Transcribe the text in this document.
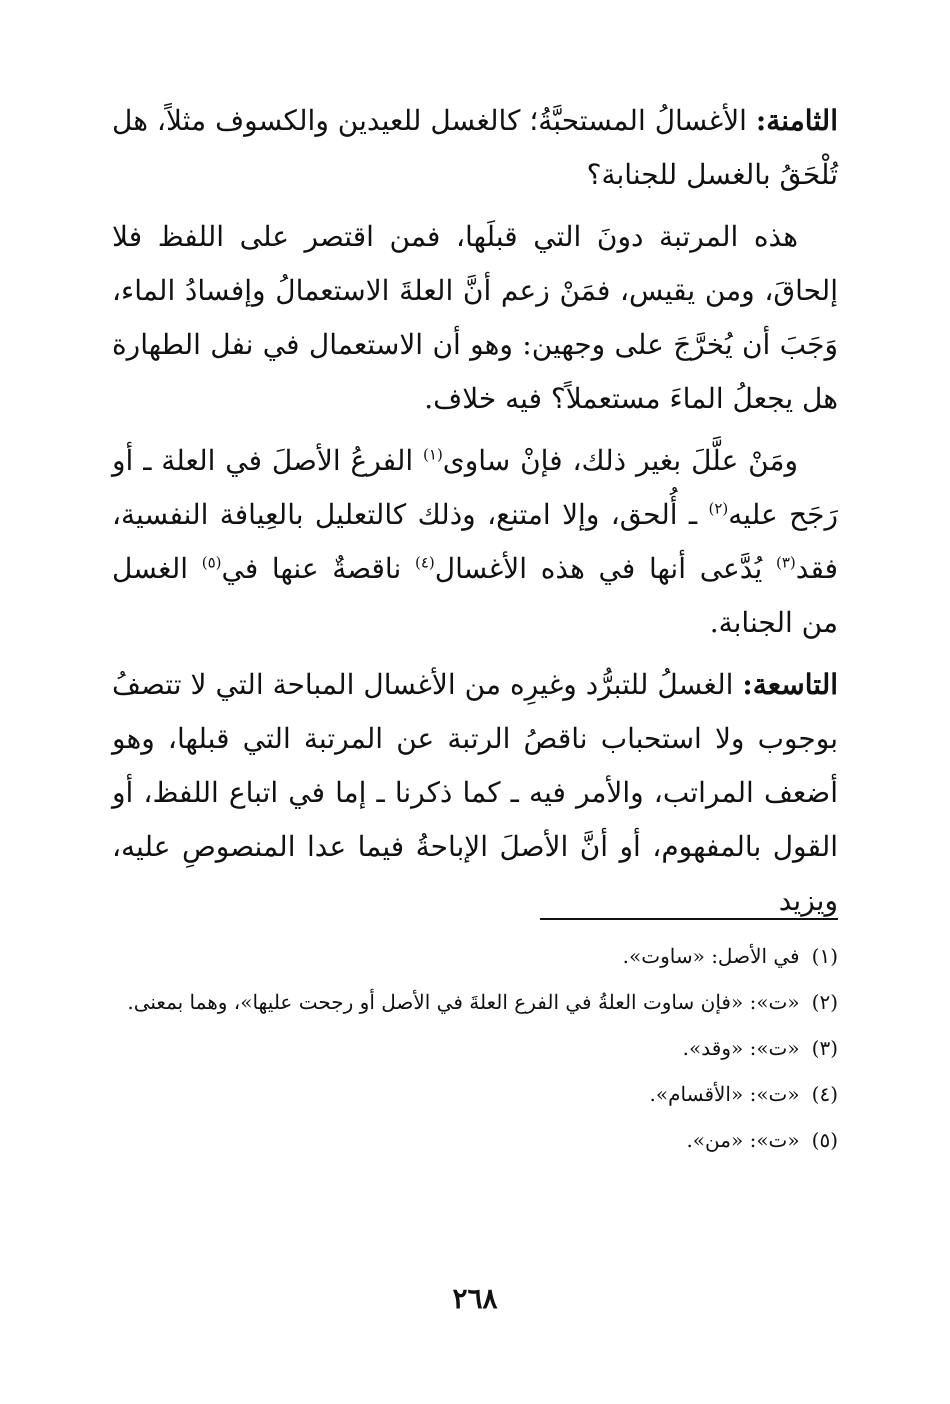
الثامنة: الأغسالُ المستحبَّةُ؛ كالغسل للعيدين والكسوف مثلاً، هل تُلْحَقُ بالغسل للجنابة؟

هذه المرتبة دونَ التي قبلَها، فمن اقتصر على اللفظ فلا إلحاقَ، ومن يقيس، فمَنْ زعم أنَّ العلةَ الاستعمالُ وإفسادُ الماء، وَجَبَ أن يُخرَّجَ على وجهين: وهو أن الاستعمال في نفل الطهارة هل يجعلُ الماءَ مستعملاً؟ فيه خلاف.

ومَنْ علَّلَ بغير ذلك، فإنْ ساوى$^{(١)}$ الفرعُ الأصلَ في العلة ـ أو رَجَح عليه$^{(٢)}$ ـ أُلحق، وإلا امتنع، وذلك كالتعليل بالعِيافة النفسية، فقد$^{(٣)}$ يُدَّعى أنها في هذه الأغسال$^{(٤)}$ ناقصةٌ عنها في$^{(٥)}$ الغسل من الجنابة.

التاسعة: الغسلُ للتبرُّد وغيرِه من الأغسال المباحة التي لا تتصفُ بوجوب ولا استحباب ناقصُ الرتبة عن المرتبة التي قبلها، وهو أضعف المراتب، والأمر فيه ـ كما ذكرنا ـ إما في اتباع اللفظ، أو القول بالمفهوم، أو أنَّ الأصلَ الإباحةُ فيما عدا المنصوصِ عليه، ويزيد

(١)
في الأصل: «ساوت».
(٢)
«ت»: «فإن ساوت العلةُ في الفرع العلةَ في الأصل أو رجحت عليها»، وهما بمعنى.
(٣)
«ت»: «وقد».
(٤)
«ت»: «الأقسام».
(٥)
«ت»: «من».
٢٦٨
